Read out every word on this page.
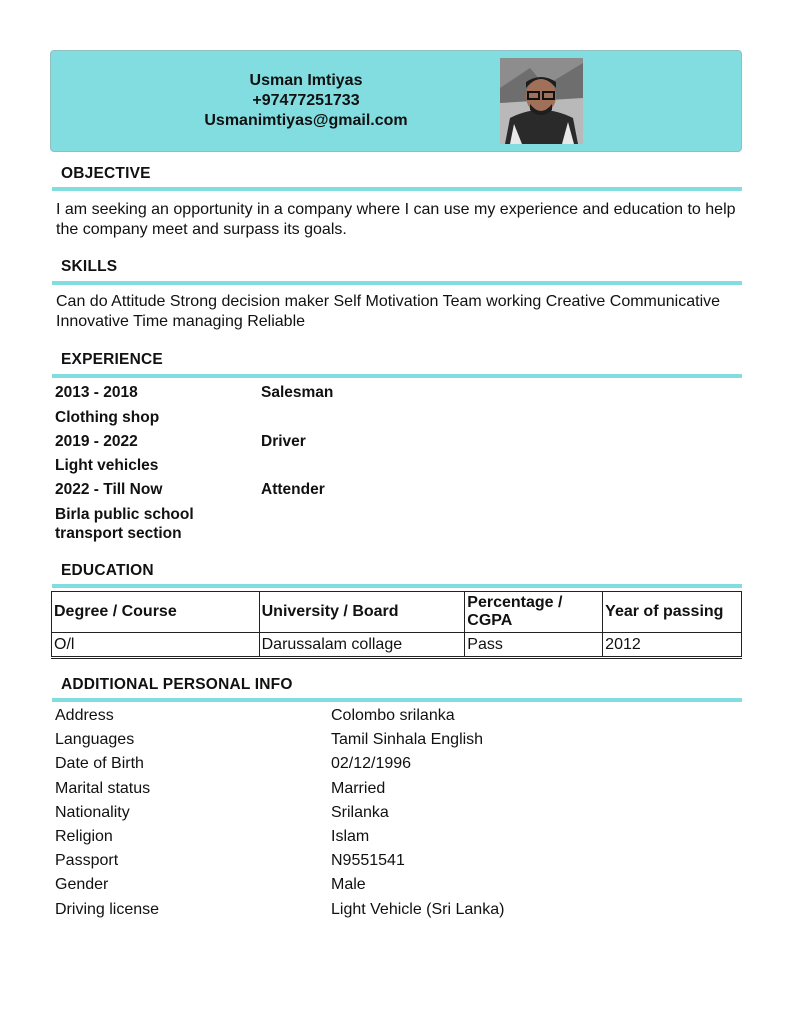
Usman Imtiyas
+97477251733
Usmanimtiyas@gmail.com
OBJECTIVE
I am seeking an opportunity in a company where I can use my experience and education to help the company meet and surpass its goals.
SKILLS
Can do Attitude Strong decision maker Self Motivation Team working Creative Communicative Innovative Time managing Reliable
EXPERIENCE
2013 - 2018	Salesman
Clothing shop
2019 - 2022	Driver
Light vehicles
2022 - Till Now	Attender
Birla public school transport section
EDUCATION
Degree / Course	University / Board	Percentage / CGPA	Year of passing
O/l	Darussalam collage	Pass	2012
ADDITIONAL PERSONAL INFO
Address	Colombo srilanka
Languages	Tamil Sinhala English
Date of Birth	02/12/1996
Marital status	Married
Nationality	Srilanka
Religion	Islam
Passport	N9551541
Gender	Male
Driving license	Light Vehicle (Sri Lanka)
